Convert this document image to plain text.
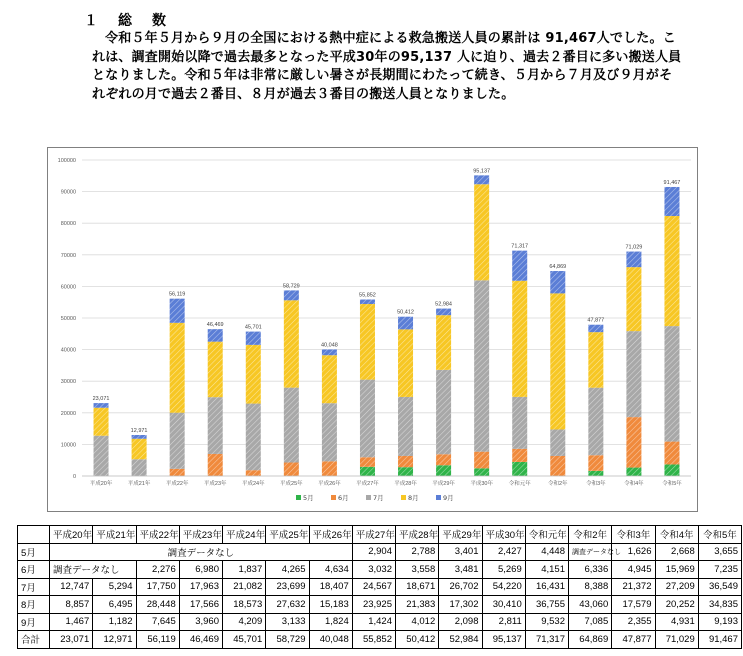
１　総　数

令和５年５月から９月の全国における熱中症による救急搬送人員の累計は 91,467人でした。これは、調査開始以降で過去最多となった平成30年の95,137 人に迫り、過去２番目に多い搬送人員となりました。令和５年は非常に厳しい暑さが長期間にわたって続き、５月から７月及び９月がそれぞれの月で過去２番目、８月が過去３番目の搬送人員となりました。

0
10000
20000
30000
40000
50000
60000
70000
80000
90000
100000
平成20年	平成21年	平成22年	平成23年	平成24年	平成25年	平成26年	平成27年	平成28年	平成29年	平成30年	令和元年	令和2年	令和3年	令和4年	令和5年
23,071
12,971
56,119
46,469	45,701
58,729
40,048
55,852
50,412
52,984
95,137
71,317
64,869
47,877
71,029
91,467
5月	6月	7月	8月	9月
	平成20年	平成21年	平成22年	平成23年	平成24年	平成25年	平成26年	平成27年	平成28年	平成29年	平成30年	令和元年	令和2年	令和3年	令和4年	令和5年
5月	調査データなし							2,904	2,788	3,401	2,427	4,448	調査データなし	1,626	2,668	3,655
6月	調査データなし		2,276	6,980	1,837	4,265	4,634	3,032	3,558	3,481	5,269	4,151	6,336	4,945	15,969	7,235
7月	12,747	5,294	17,750	17,963	21,082	23,699	18,407	24,567	18,671	26,702	54,220	16,431	8,388	21,372	27,209	36,549
8月	8,857	6,495	28,448	17,566	18,573	27,632	15,183	23,925	21,383	17,302	30,410	36,755	43,060	17,579	20,252	34,835
9月	1,467	1,182	7,645	3,960	4,209	3,133	1,824	1,424	4,012	2,098	2,811	9,532	7,085	2,355	4,931	9,193
合計	23,071	12,971	56,119	46,469	45,701	58,729	40,048	55,852	50,412	52,984	95,137	71,317	64,869	47,877	71,029	91,467
